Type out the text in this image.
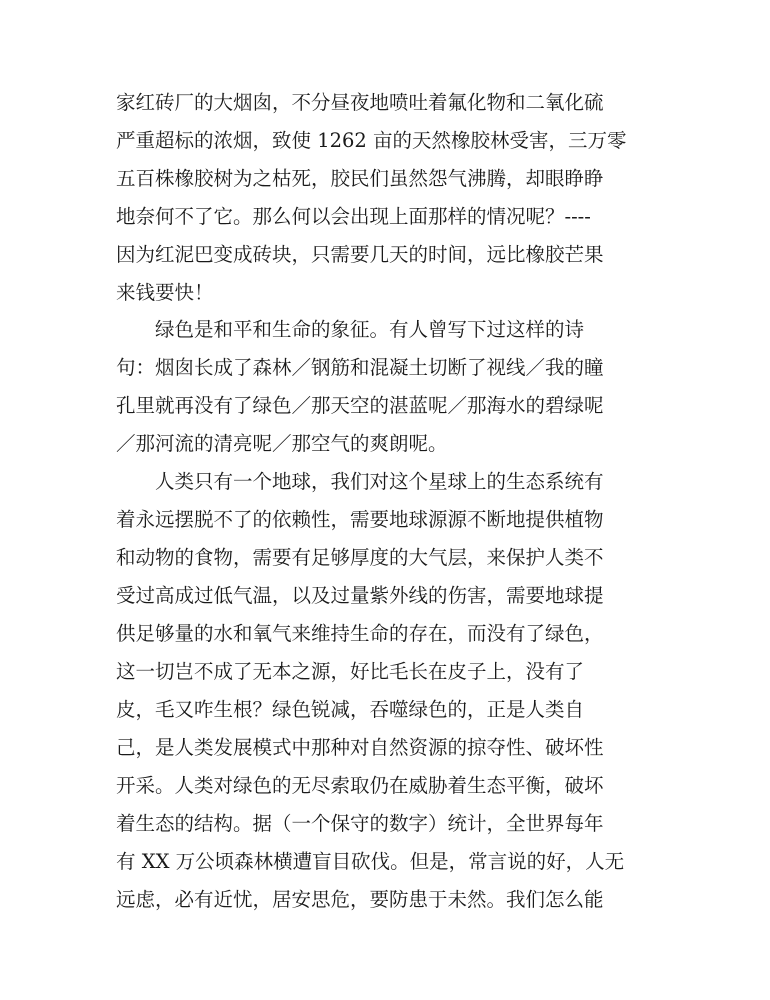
家红砖厂的大烟囱，不分昼夜地喷吐着氟化物和二氧化硫

严重超标的浓烟，致使 1262 亩的天然橡胶林受害，三万零

五百株橡胶树为之枯死，胶民们虽然怨气沸腾，却眼睁睁

地奈何不了它。那么何以会出现上面那样的情况呢？----

因为红泥巴变成砖块，只需要几天的时间，远比橡胶芒果

来钱要快！

绿色是和平和生命的象征。有人曾写下过这样的诗

句：烟囱长成了森林／钢筋和混凝土切断了视线／我的瞳

孔里就再没有了绿色／那天空的湛蓝呢／那海水的碧绿呢

／那河流的清亮呢／那空气的爽朗呢。

人类只有一个地球，我们对这个星球上的生态系统有

着永远摆脱不了的依赖性，需要地球源源不断地提供植物

和动物的食物，需要有足够厚度的大气层，来保护人类不

受过高成过低气温，以及过量紫外线的伤害，需要地球提

供足够量的水和氧气来维持生命的存在，而没有了绿色，

这一切岂不成了无本之源，好比毛长在皮子上，没有了

皮，毛又咋生根？绿色锐减，吞噬绿色的，正是人类自

己，是人类发展模式中那种对自然资源的掠夺性、破坏性

开采。人类对绿色的无尽索取仍在威胁着生态平衡，破坏

着生态的结构。据（一个保守的数字）统计，全世界每年

有 XX 万公顷森林横遭盲目砍伐。但是，常言说的好，人无

远虑，必有近忧，居安思危，要防患于未然。我们怎么能
